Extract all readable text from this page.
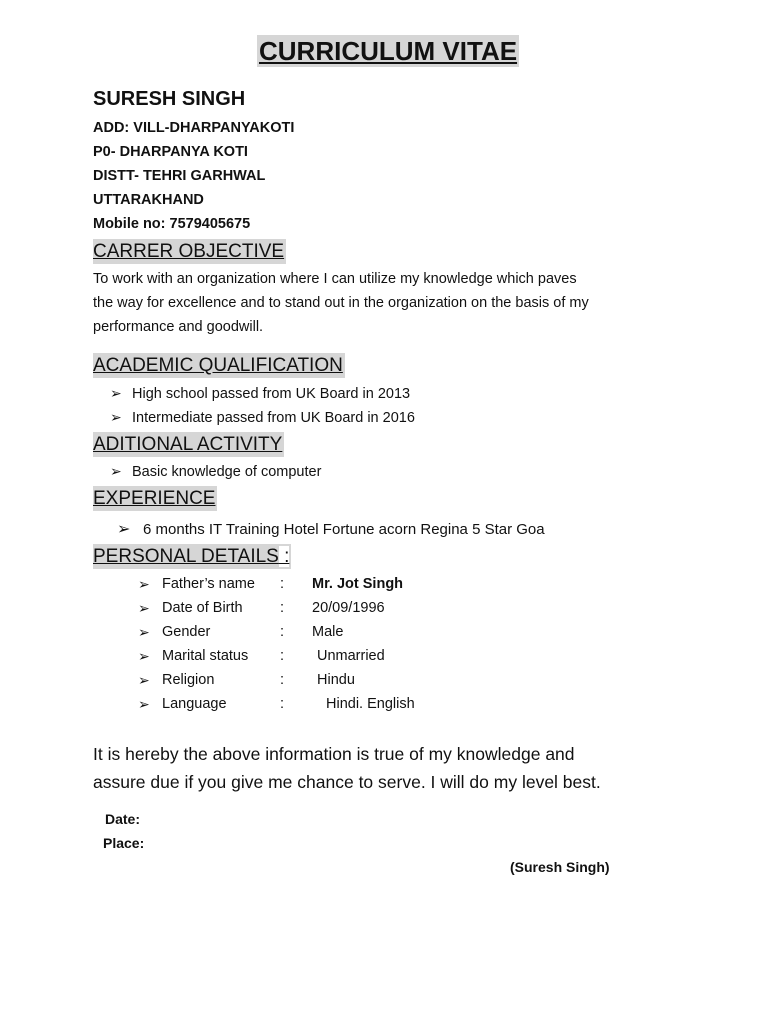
CURRICULUM VITAE
SURESH SINGH
ADD: VILL-DHARPANYAKOTI
P0- DHARPANYA KOTI
DISTT- TEHRI GARHWAL
UTTARAKHAND
Mobile no: 7579405675
CARRER OBJECTIVE
To work with an organization where I can utilize my knowledge which paves
the way for excellence and to stand out in the organization on the basis of my
performance and goodwill.
ACADEMIC QUALIFICATION
➢ High school passed from UK Board in 2013
➢ Intermediate passed from UK Board in 2016
ADITIONAL ACTIVITY
➢ Basic knowledge of computer
EXPERIENCE
➢ 6 months IT Training Hotel Fortune acorn Regina 5 Star Goa
PERSONAL DETAILS :
➢ Father’s name : Mr. Jot Singh
➢ Date of Birth	: 20/09/1996
➢ Gender	: Male
➢ Marital status : Unmarried
➢ Religion	: Hindu
➢ Language	:	Hindi. English
It is hereby the above information is true of my knowledge and
assure due if you give me chance to serve. I will do my level best.
Date:
Place:
(Suresh Singh)
